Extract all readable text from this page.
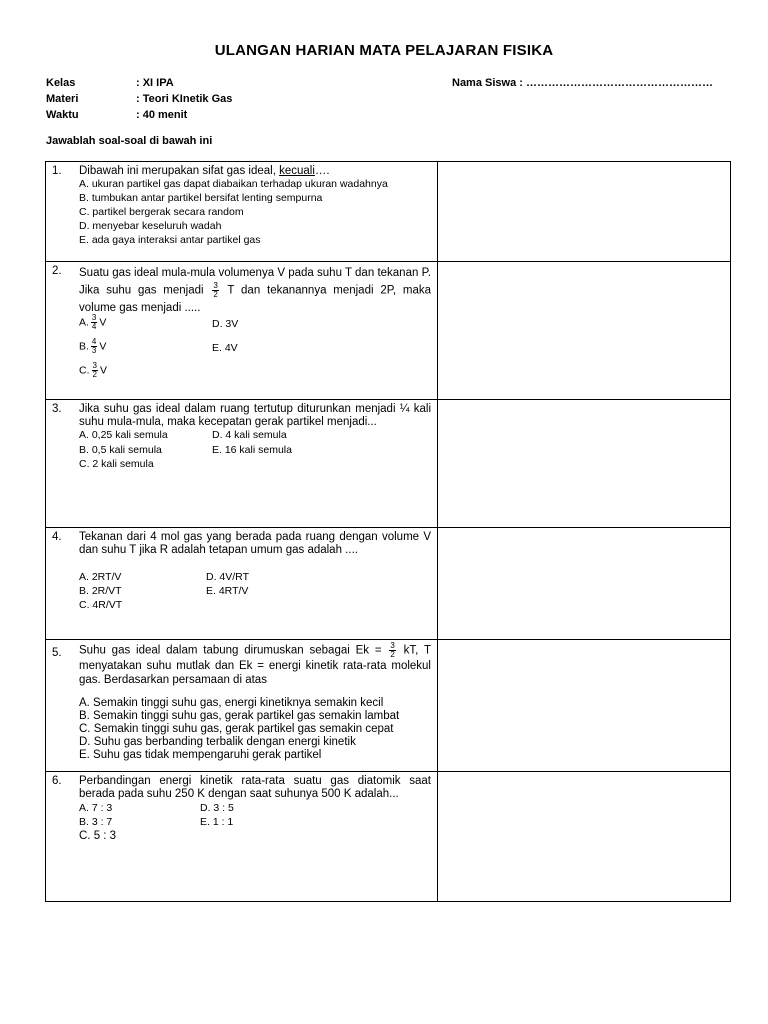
ULANGAN HARIAN MATA PELAJARAN FISIKA
Kelas	: XI IPA
Materi	: Teori KInetik Gas
Waktu	: 40 menit
Nama Siswa : ……………………………………………
Jawablah soal-soal di bawah ini
1. Dibawah ini merupakan sifat gas ideal, kecuali….
A. ukuran partikel gas dapat diabaikan terhadap ukuran wadahnya
B. tumbukan antar partikel bersifat lenting sempurna
C. partikel bergerak secara random
D. menyebar keseluruh wadah
E. ada gaya interaksi antar partikel gas
2. Suatu gas ideal mula-mula volumenya V pada suhu T dan tekanan P. Jika suhu gas menjadi $\frac{3}{2}$ T dan tekanannya menjadi 2P, maka volume gas menjadi .....
A. $\frac{3}{4}$ V	D. 3V
B. $\frac{4}{3}$ V	E. 4V
C. $\frac{3}{2}$ V
3. Jika suhu gas ideal dalam ruang tertutup diturunkan menjadi ¼ kali suhu mula-mula, maka kecepatan gerak partikel menjadi...
A. 0,25 kali semula	D. 4 kali semula
B. 0,5 kali semula	E. 16 kali semula
C. 2 kali semula
4. Tekanan dari 4 mol gas yang berada pada ruang dengan volume V dan suhu T jika R adalah tetapan umum gas adalah ....
A. 2RT/V	D. 4V/RT
B. 2R/VT	E. 4RT/V
C. 4R/VT
5. Suhu gas ideal dalam tabung dirumuskan sebagai $Ek = \frac{3}{2}$ kT, T menyatakan suhu mutlak dan Ek = energi kinetik rata-rata molekul gas. Berdasarkan persamaan di atas
A. Semakin tinggi suhu gas, energi kinetiknya semakin kecil
B. Semakin tinggi suhu gas, gerak partikel gas semakin lambat
C. Semakin tinggi suhu gas, gerak partikel gas semakin cepat
D. Suhu gas berbanding terbalik dengan energi kinetik
E. Suhu gas tidak mempengaruhi gerak partikel
6. Perbandingan energi kinetik rata-rata suatu gas diatomik saat berada pada suhu 250 K dengan saat suhunya 500 K adalah...
A. 7 : 3	D. 3 : 5
B. 3 : 7	E. 1 : 1
C. 5 : 3
